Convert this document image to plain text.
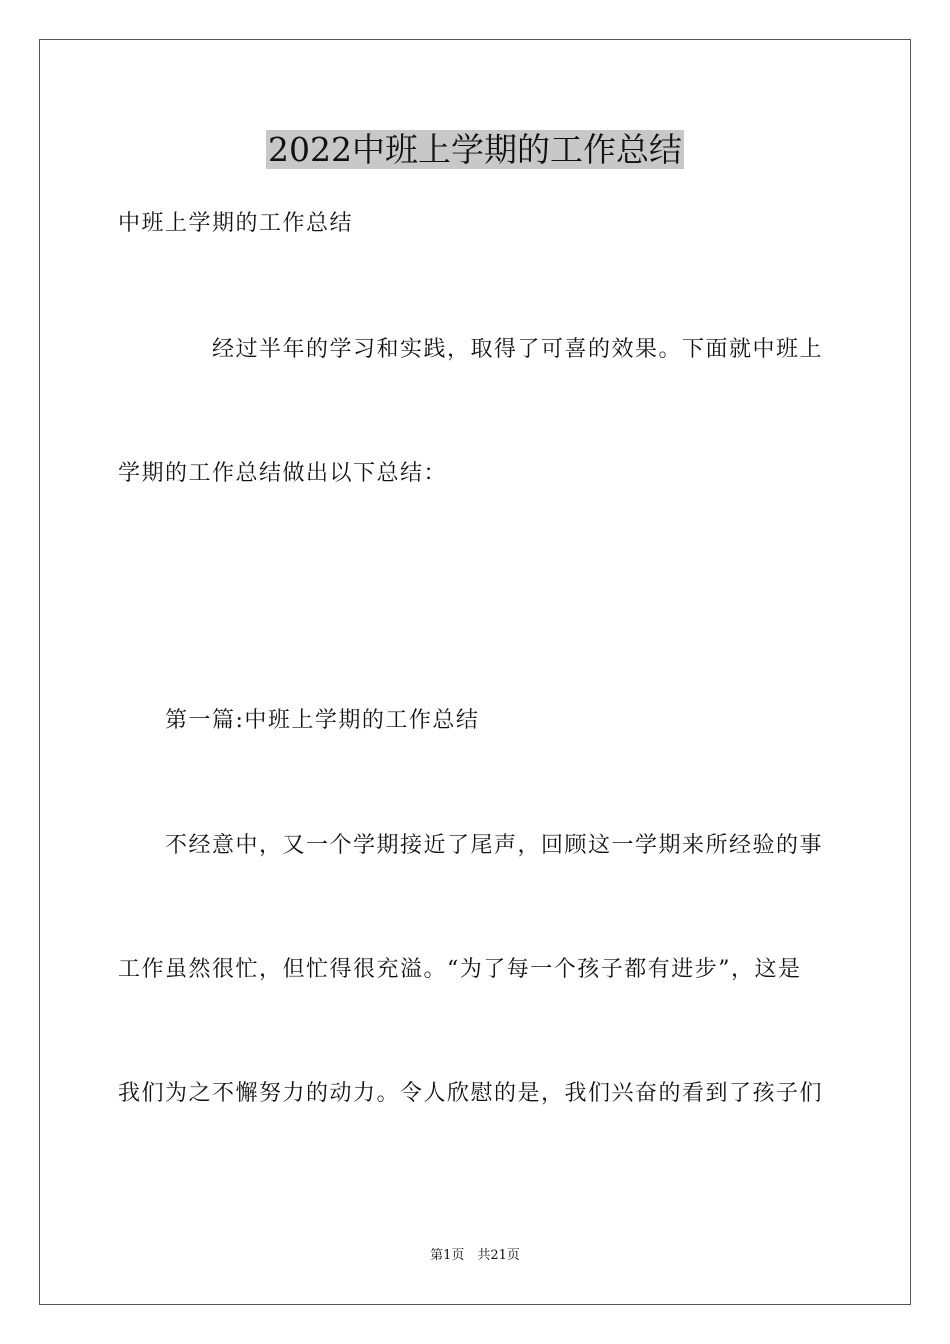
2022中班上学期的工作总结

中班上学期的工作总结

经过半年的学习和实践，取得了可喜的效果。下面就中班上

学期的工作总结做出以下总结：

第一篇:中班上学期的工作总结

不经意中，又一个学期接近了尾声，回顾这一学期来所经验的事

工作虽然很忙，但忙得很充溢。“为了每一个孩子都有进步”，这是

我们为之不懈努力的动力。令人欣慰的是，我们兴奋的看到了孩子们

第1页　共21页
